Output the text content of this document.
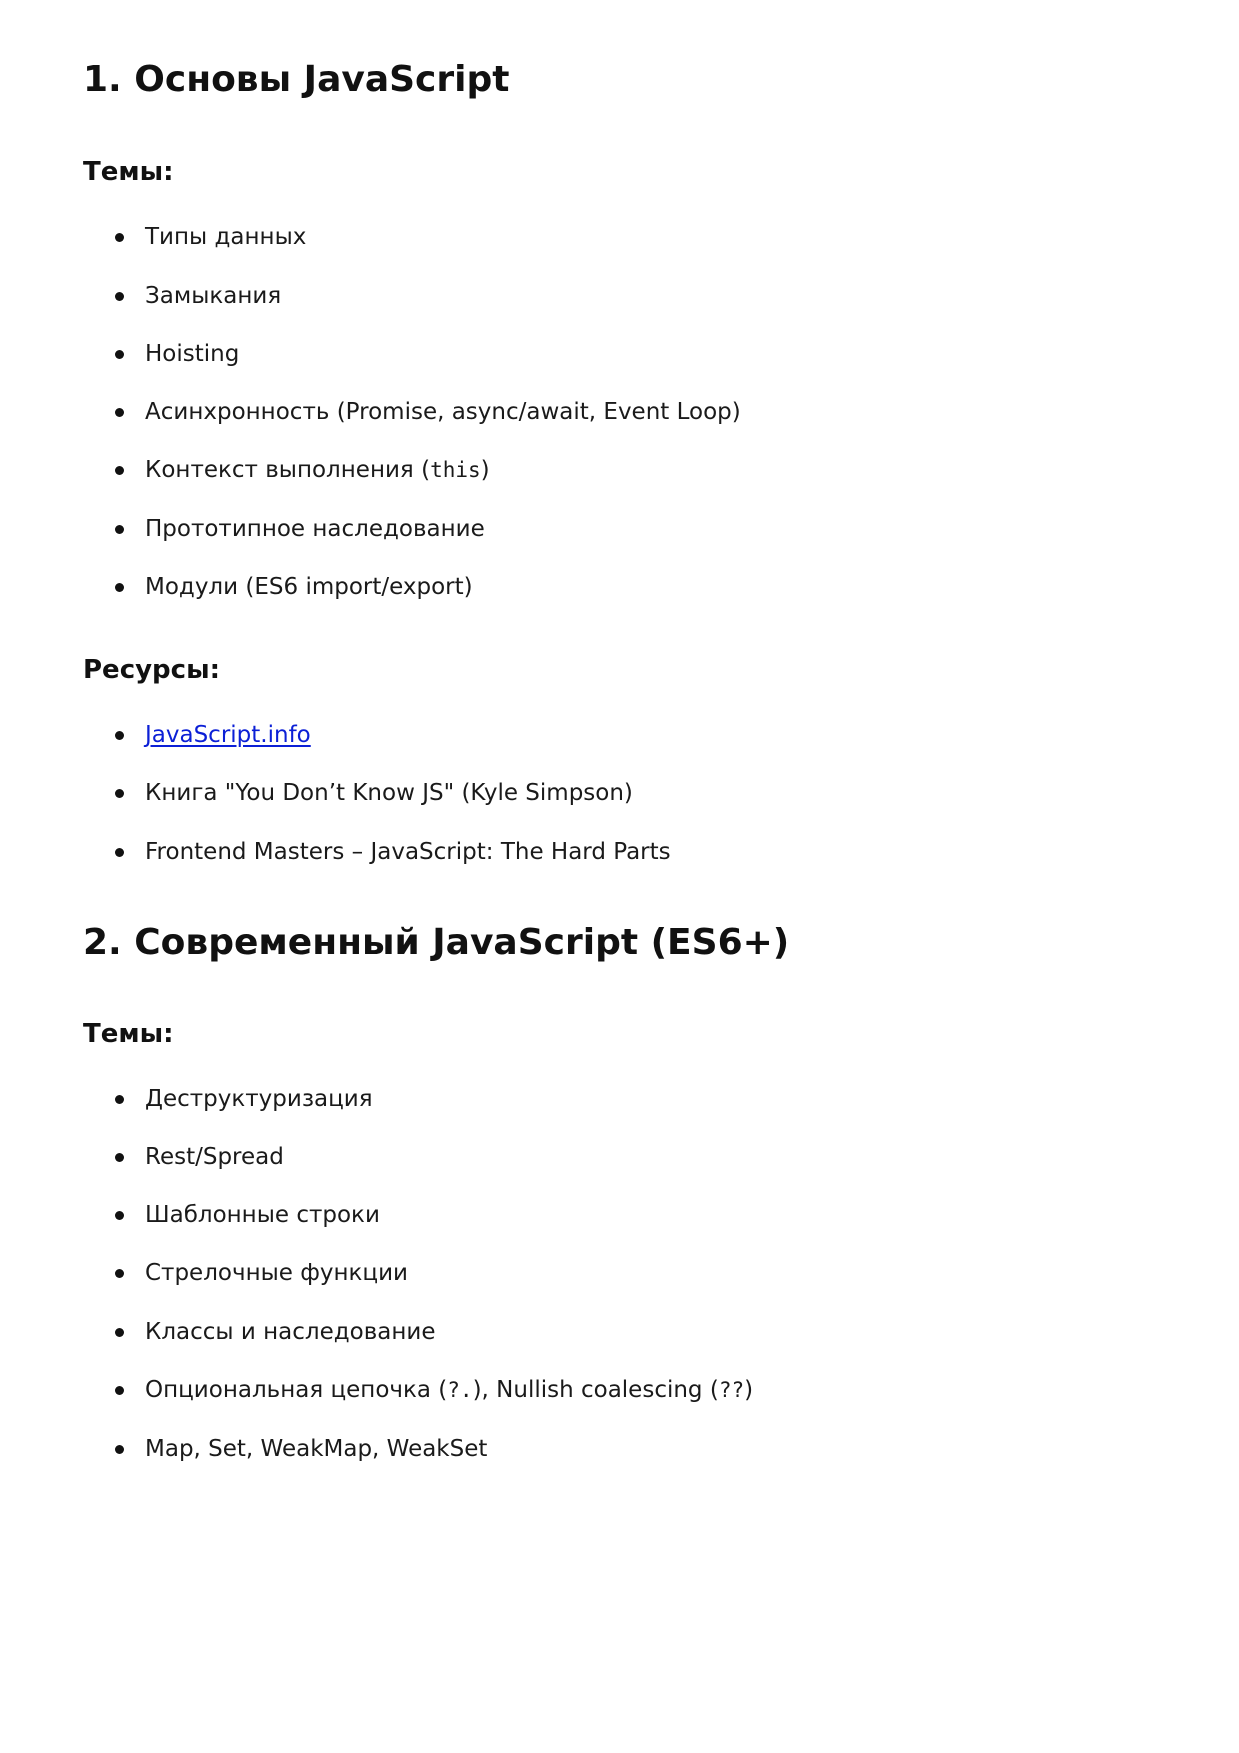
1. Основы JavaScript
Темы:
Типы данных
Замыкания
Hoisting
Асинхронность (Promise, async/await, Event Loop)
Контекст выполнения (this)
Прототипное наследование
Модули (ES6 import/export)
Ресурсы:
JavaScript.info
Книга "You Don’t Know JS" (Kyle Simpson)
Frontend Masters – JavaScript: The Hard Parts
2. Современный JavaScript (ES6+)
Темы:
Деструктуризация
Rest/Spread
Шаблонные строки
Стрелочные функции
Классы и наследование
Опциональная цепочка (?.), Nullish coalescing (??)
Map, Set, WeakMap, WeakSet
